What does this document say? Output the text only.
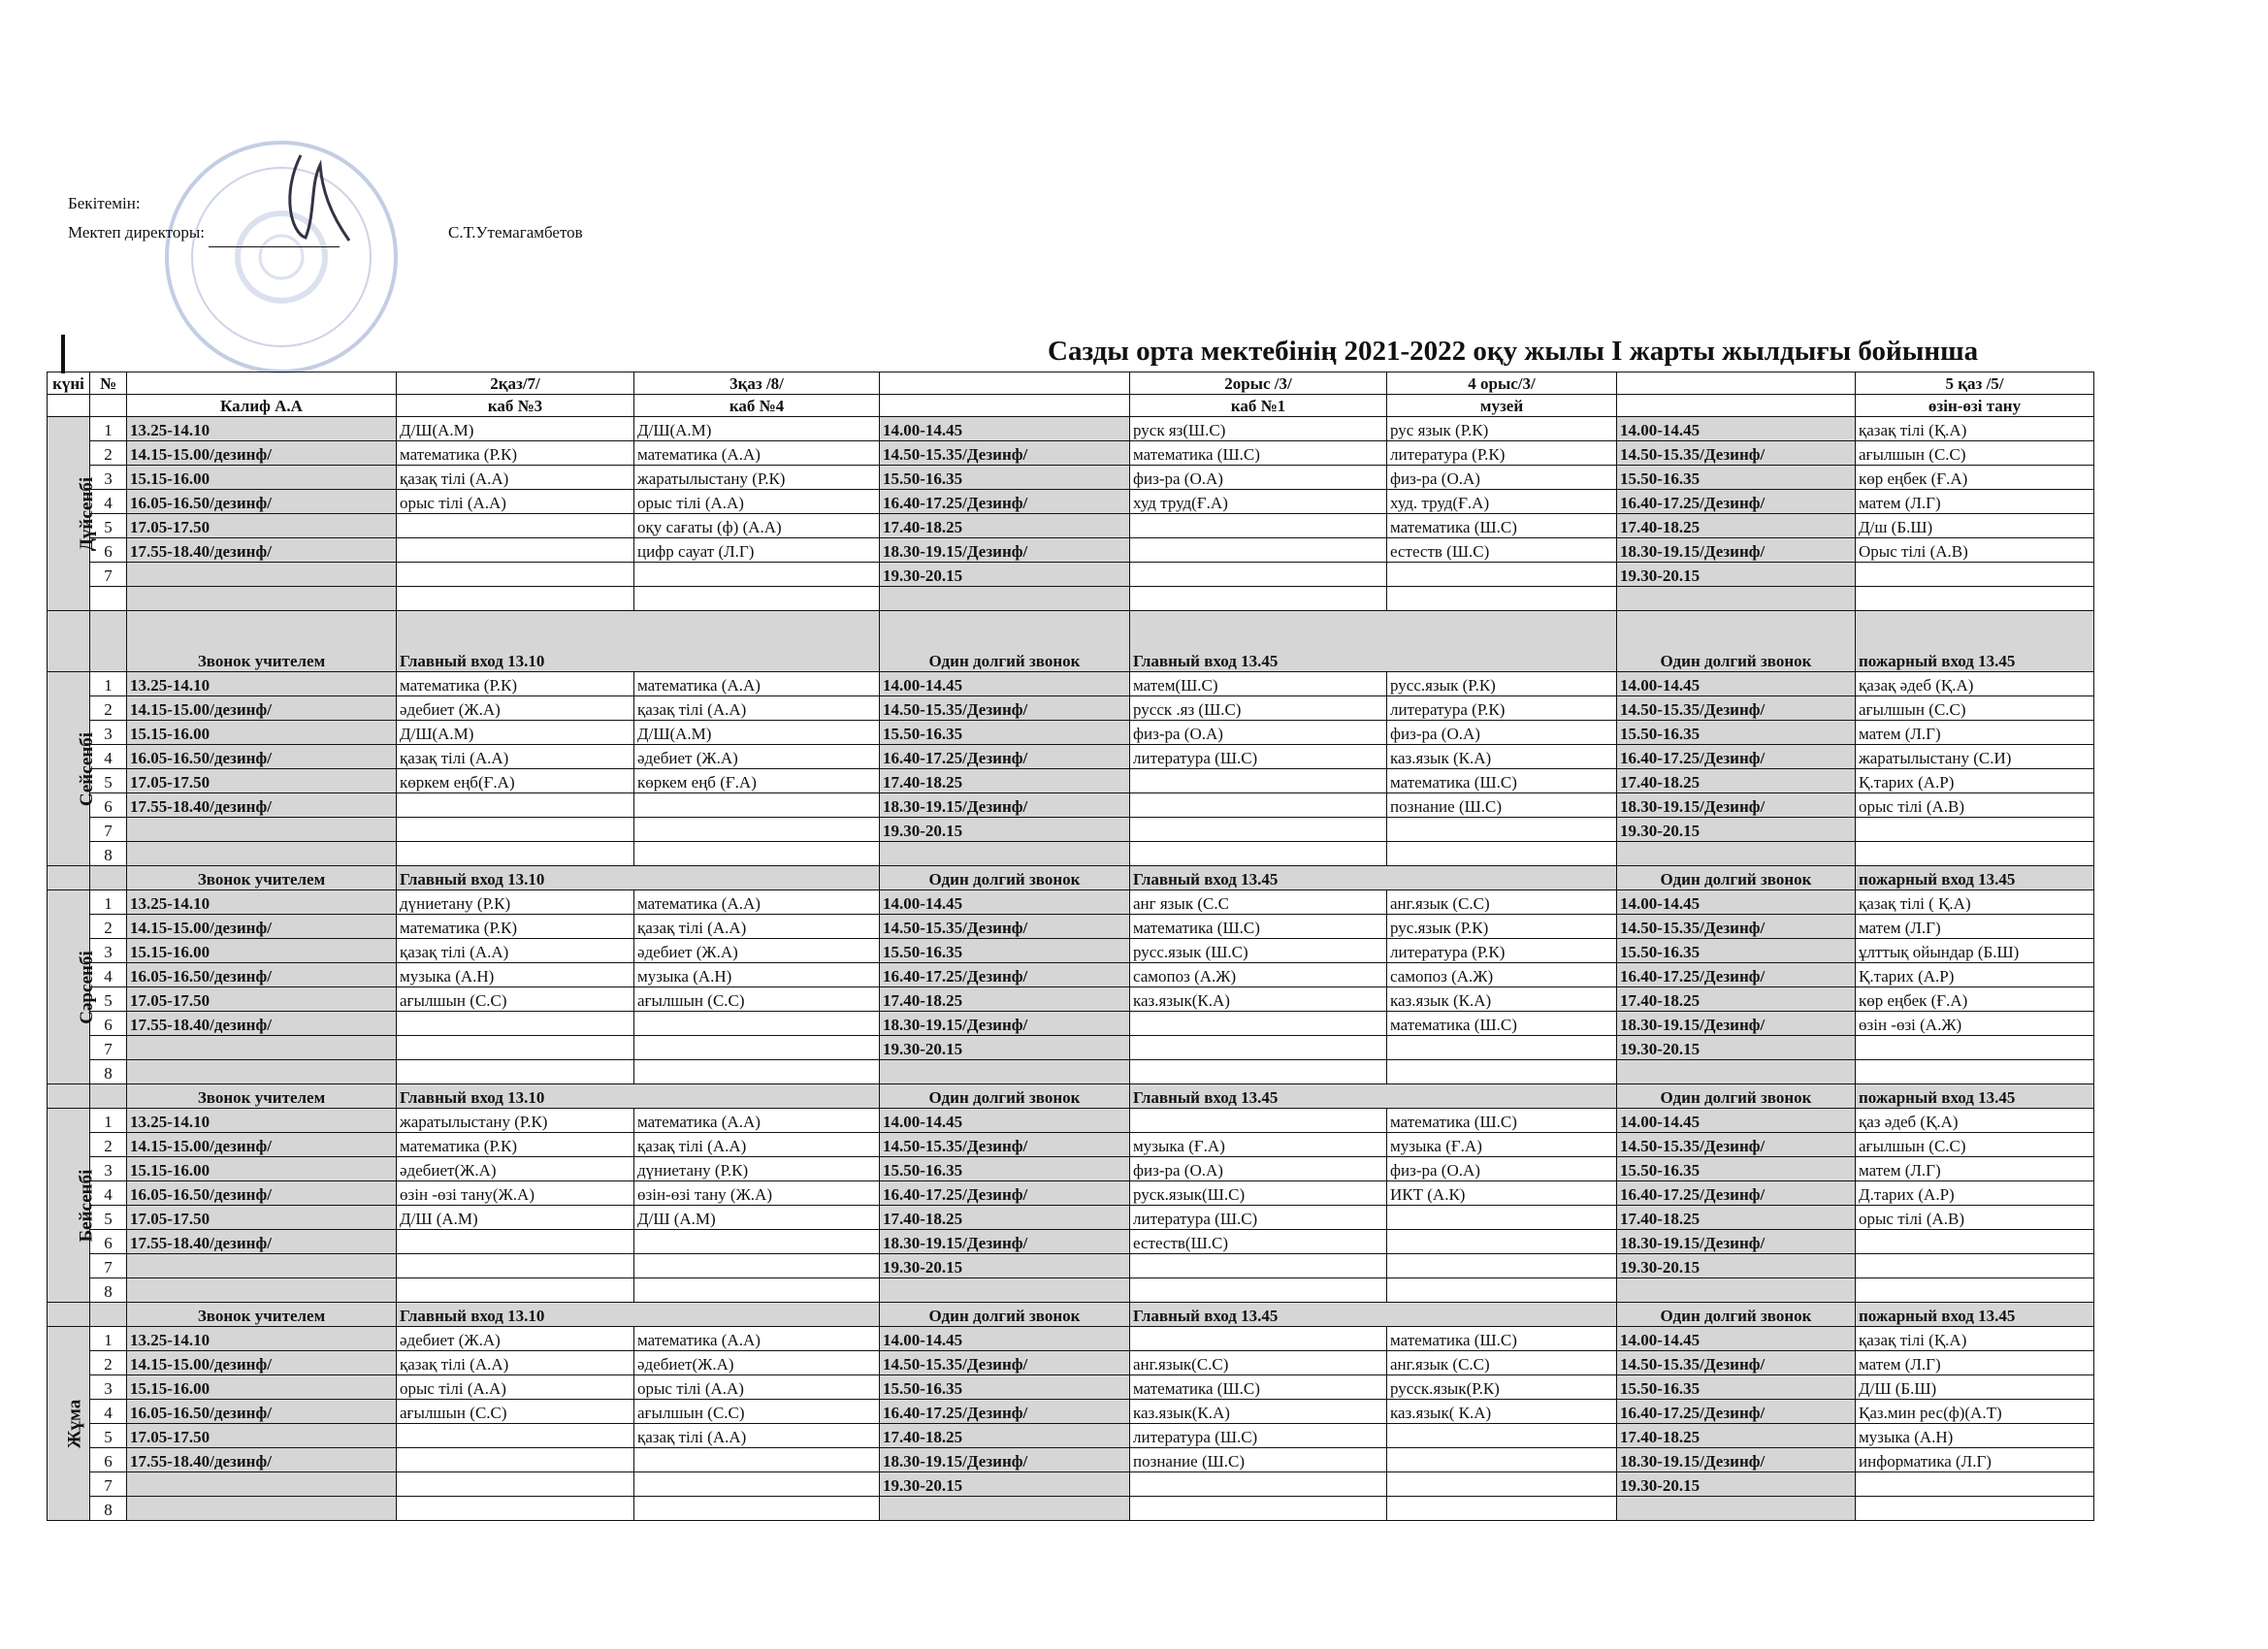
Бекітемін:
Мектеп директоры:	С.Т.Утемагамбетов
Сазды орта мектебінің 2021-2022 оқу жылы І жарты жылдығы бойынша
күні	№		2қаз/7/	3қаз /8/		2орыс /3/	4 орыс/3/		5 қаз /5/
		Калиф А.А	каб №3	каб №4		каб №1	музей		өзін-өзі тану
Дүйсенбі	1	13.25-14.10	Д/Ш(А.М)	Д/Ш(А.М)	14.00-14.45	руск яз(Ш.С)	рус язык (Р.К)	14.00-14.45	қазақ тілі (Қ.А)
	2	14.15-15.00/дезинф/	математика (Р.К)	математика (А.А)	14.50-15.35/Дезинф/	математика (Ш.С)	литература (Р.К)	14.50-15.35/Дезинф/	ағылшын (С.С)
	3	15.15-16.00	қазақ тілі (А.А)	жаратылыстану (Р.К)	15.50-16.35	физ-ра (О.А)	физ-ра (О.А)	15.50-16.35	көр еңбек (Ғ.А)
	4	16.05-16.50/дезинф/	орыс тілі (А.А)	орыс тілі (А.А)	16.40-17.25/Дезинф/	худ труд(Ғ.А)	худ. труд(Ғ.А)	16.40-17.25/Дезинф/	матем (Л.Г)
	5	17.05-17.50		оқу сағаты (ф) (А.А)	17.40-18.25		математика (Ш.С)	17.40-18.25	Д/ш (Б.Ш)
	6	17.55-18.40/дезинф/		цифр сауат (Л.Г)	18.30-19.15/Дезинф/		естеств (Ш.С)	18.30-19.15/Дезинф/	Орыс тілі (А.В)
	7				19.30-20.15			19.30-20.15	

		Звонок учителем	Главный вход 13.10		Один долгий звонок	Главный вход 13.45		Один долгий звонок	пожарный вход 13.45
Сейсенбі	1	13.25-14.10	математика (Р.К)	математика (А.А)	14.00-14.45	матем(Ш.С)	русс.язык (Р.К)	14.00-14.45	қазақ әдеб (Қ.А)
	2	14.15-15.00/дезинф/	әдебиет (Ж.А)	қазақ тілі (А.А)	14.50-15.35/Дезинф/	русск .яз (Ш.С)	литература (Р.К)	14.50-15.35/Дезинф/	ағылшын (С.С)
	3	15.15-16.00	Д/Ш(А.М)	Д/Ш(А.М)	15.50-16.35	физ-ра (О.А)	физ-ра (О.А)	15.50-16.35	матем (Л.Г)
	4	16.05-16.50/дезинф/	қазақ тілі (А.А)	әдебиет (Ж.А)	16.40-17.25/Дезинф/	литература (Ш.С)	каз.язык (К.А)	16.40-17.25/Дезинф/	жаратылыстану (С.И)
	5	17.05-17.50	көркем еңб(Ғ.А)	көркем еңб (Ғ.А)	17.40-18.25		математика (Ш.С)	17.40-18.25	Қ.тарих (А.Р)
	6	17.55-18.40/дезинф/			18.30-19.15/Дезинф/		познание (Ш.С)	18.30-19.15/Дезинф/	орыс тілі (А.В)
	7				19.30-20.15			19.30-20.15	
	8								
		Звонок учителем	Главный вход 13.10		Один долгий звонок	Главный вход 13.45		Один долгий звонок	пожарный вход 13.45
Сәрсенбі	1	13.25-14.10	дүниетану (Р.К)	математика (А.А)	14.00-14.45	анг язык (С.С	анг.язык (С.С)	14.00-14.45	қазақ тілі ( Қ.А)
	2	14.15-15.00/дезинф/	математика (Р.К)	қазақ тілі (А.А)	14.50-15.35/Дезинф/	математика (Ш.С)	рус.язык (Р.К)	14.50-15.35/Дезинф/	матем (Л.Г)
	3	15.15-16.00	қазақ тілі (А.А)	әдебиет (Ж.А)	15.50-16.35	русс.язык (Ш.С)	литература (Р.К)	15.50-16.35	ұлттық ойындар (Б.Ш)
	4	16.05-16.50/дезинф/	музыка (А.Н)	музыка (А.Н)	16.40-17.25/Дезинф/	самопоз (А.Ж)	самопоз (А.Ж)	16.40-17.25/Дезинф/	Қ.тарих (А.Р)
	5	17.05-17.50	ағылшын (С.С)	ағылшын (С.С)	17.40-18.25	каз.язык(К.А)	каз.язык (К.А)	17.40-18.25	көр еңбек (Ғ.А)
	6	17.55-18.40/дезинф/			18.30-19.15/Дезинф/		математика (Ш.С)	18.30-19.15/Дезинф/	өзін -өзі (А.Ж)
	7				19.30-20.15			19.30-20.15	
	8								
		Звонок учителем	Главный вход 13.10		Один долгий звонок	Главный вход 13.45		Один долгий звонок	пожарный вход 13.45
Бейсенбі	1	13.25-14.10	жаратылыстану (Р.К)	математика (А.А)	14.00-14.45		математика (Ш.С)	14.00-14.45	қаз әдеб (Қ.А)
	2	14.15-15.00/дезинф/	математика (Р.К)	қазақ тілі (А.А)	14.50-15.35/Дезинф/	музыка (Ғ.А)	музыка (Ғ.А)	14.50-15.35/Дезинф/	ағылшын (С.С)
	3	15.15-16.00	әдебиет(Ж.А)	дүниетану (Р.К)	15.50-16.35	физ-ра (О.А)	физ-ра (О.А)	15.50-16.35	матем (Л.Г)
	4	16.05-16.50/дезинф/	өзін -өзі тану(Ж.А)	өзін-өзі тану (Ж.А)	16.40-17.25/Дезинф/	руск.язык(Ш.С)	ИКТ (А.К)	16.40-17.25/Дезинф/	Д.тарих (А.Р)
	5	17.05-17.50	Д/Ш (А.М)	Д/Ш (А.М)	17.40-18.25	литература (Ш.С)		17.40-18.25	орыс тілі (А.В)
	6	17.55-18.40/дезинф/			18.30-19.15/Дезинф/	естеств(Ш.С)		18.30-19.15/Дезинф/	
	7				19.30-20.15			19.30-20.15	
	8								
		Звонок учителем	Главный вход 13.10		Один долгий звонок	Главный вход 13.45		Один долгий звонок	пожарный вход 13.45
Жұма	1	13.25-14.10	әдебиет (Ж.А)	математика (А.А)	14.00-14.45		математика (Ш.С)	14.00-14.45	қазақ тілі (Қ.А)
	2	14.15-15.00/дезинф/	қазақ тілі (А.А)	әдебиет(Ж.А)	14.50-15.35/Дезинф/	анг.язык(С.С)	анг.язык (С.С)	14.50-15.35/Дезинф/	матем (Л.Г)
	3	15.15-16.00	орыс тілі (А.А)	орыс тілі (А.А)	15.50-16.35	математика (Ш.С)	русск.язык(Р.К)	15.50-16.35	Д/Ш (Б.Ш)
	4	16.05-16.50/дезинф/	ағылшын (С.С)	ағылшын (С.С)	16.40-17.25/Дезинф/	каз.язык(К.А)	каз.язык( К.А)	16.40-17.25/Дезинф/	Қаз.мин рес(ф)(А.Т)
	5	17.05-17.50		қазақ тілі (А.А)	17.40-18.25	литература (Ш.С)		17.40-18.25	музыка (А.Н)
	6	17.55-18.40/дезинф/			18.30-19.15/Дезинф/	познание (Ш.С)		18.30-19.15/Дезинф/	информатика (Л.Г)
	7				19.30-20.15			19.30-20.15	
	8								
